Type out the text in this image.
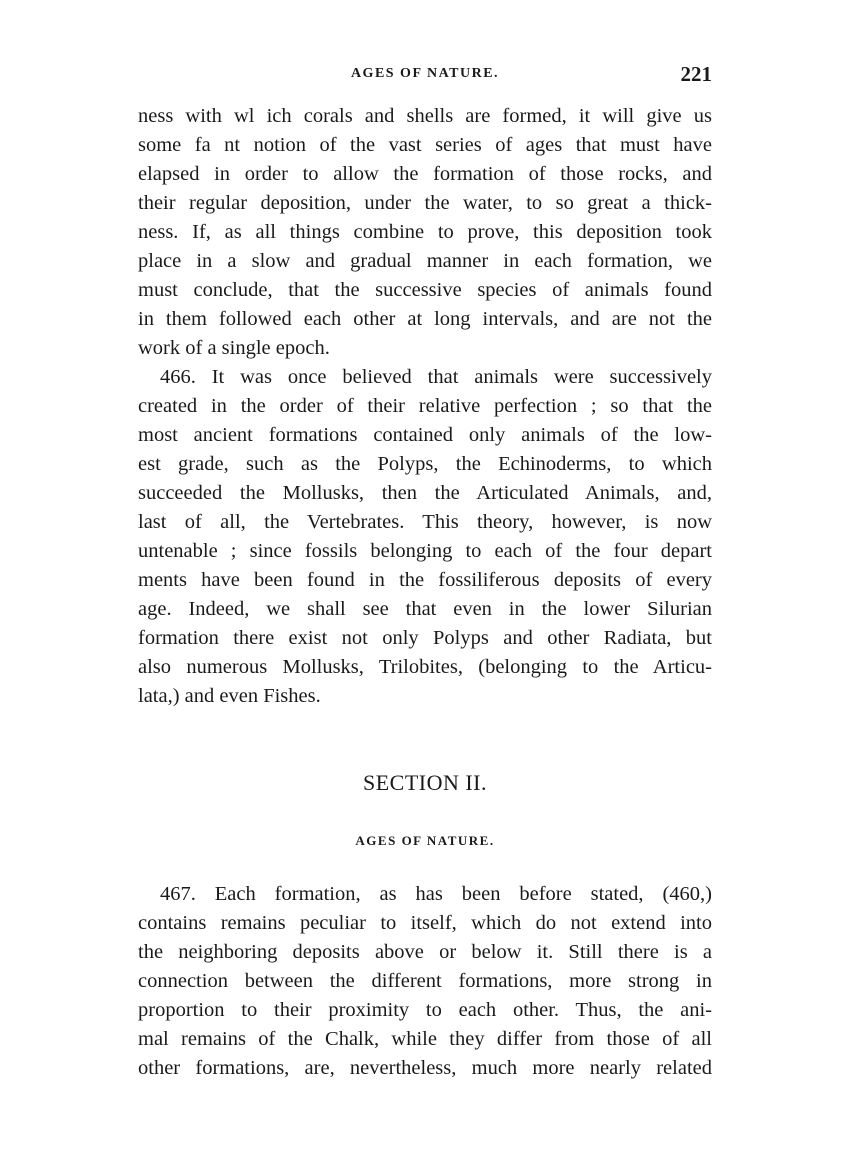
AGES OF NATURE.	221
ness with wl ich corals and shells are formed, it will give us
some fa nt notion of the vast series of ages that must have
elapsed in order to allow the formation of those rocks, and
their regular deposition, under the water, to so great a thick-
ness. If, as all things combine to prove, this deposition took
place in a slow and gradual manner in each formation, we
must conclude, that the successive species of animals found
in them followed each other at long intervals, and are not the
work of a single epoch.
466. It was once believed that animals were successively
created in the order of their relative perfection ; so that the
most ancient formations contained only animals of the low-
est grade, such as the Polyps, the Echinoderms, to which
succeeded the Mollusks, then the Articulated Animals, and,
last of all, the Vertebrates. This theory, however, is now
untenable ; since fossils belonging to each of the four depart
ments have been found in the fossiliferous deposits of every
age. Indeed, we shall see that even in the lower Silurian
formation there exist not only Polyps and other Radiata, but
also numerous Mollusks, Trilobites, (belonging to the Articu-
lata,) and even Fishes.
SECTION II.
AGES OF NATURE.
467. Each formation, as has been before stated, (460,)
contains remains peculiar to itself, which do not extend into
the neighboring deposits above or below it. Still there is a
connection between the different formations, more strong in
proportion to their proximity to each other. Thus, the ani-
mal remains of the Chalk, while they differ from those of all
other formations, are, nevertheless, much more nearly related
